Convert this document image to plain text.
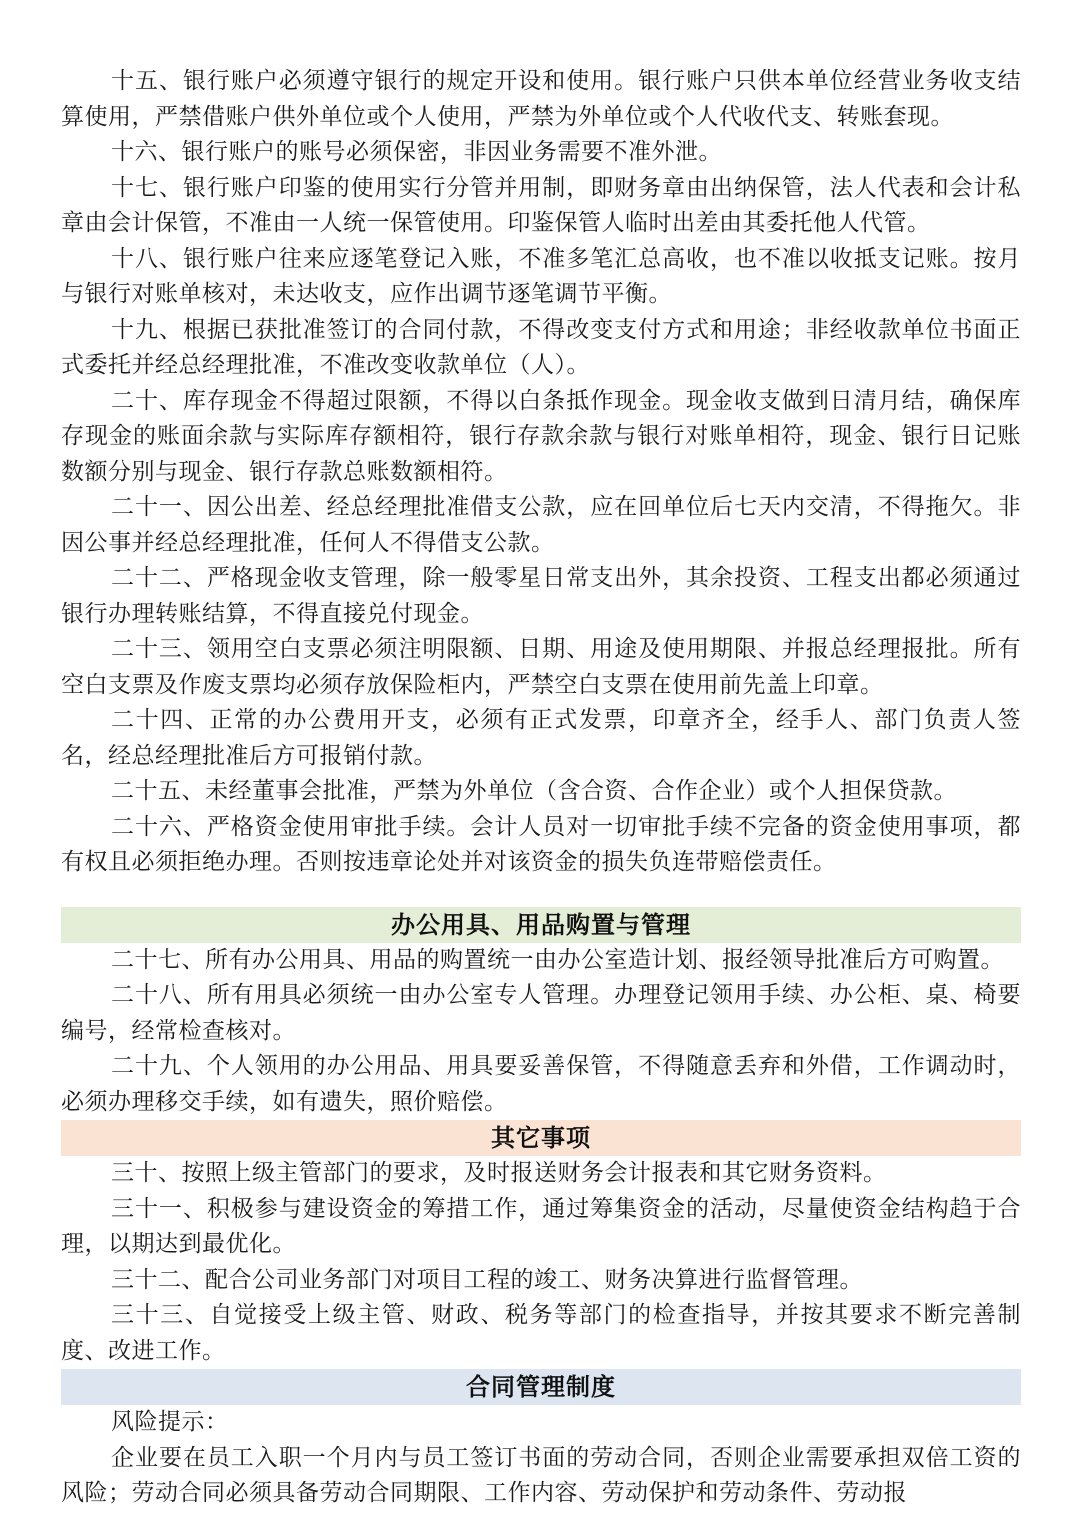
十五、银行账户必须遵守银行的规定开设和使用。银行账户只供本单位经营业务收支结算使用，严禁借账户供外单位或个人使用，严禁为外单位或个人代收代支、转账套现。

十六、银行账户的账号必须保密，非因业务需要不准外泄。

十七、银行账户印鉴的使用实行分管并用制，即财务章由出纳保管，法人代表和会计私章由会计保管，不准由一人统一保管使用。印鉴保管人临时出差由其委托他人代管。

十八、银行账户往来应逐笔登记入账，不准多笔汇总高收，也不准以收抵支记账。按月与银行对账单核对，未达收支，应作出调节逐笔调节平衡。

十九、根据已获批准签订的合同付款，不得改变支付方式和用途；非经收款单位书面正式委托并经总经理批准，不准改变收款单位（人）。

二十、库存现金不得超过限额，不得以白条抵作现金。现金收支做到日清月结，确保库存现金的账面余款与实际库存额相符，银行存款余款与银行对账单相符，现金、银行日记账数额分别与现金、银行存款总账数额相符。

二十一、因公出差、经总经理批准借支公款，应在回单位后七天内交清，不得拖欠。非因公事并经总经理批准，任何人不得借支公款。

二十二、严格现金收支管理，除一般零星日常支出外，其余投资、工程支出都必须通过银行办理转账结算，不得直接兑付现金。

二十三、领用空白支票必须注明限额、日期、用途及使用期限、并报总经理报批。所有空白支票及作废支票均必须存放保险柜内，严禁空白支票在使用前先盖上印章。

二十四、正常的办公费用开支，必须有正式发票，印章齐全，经手人、部门负责人签名，经总经理批准后方可报销付款。

二十五、未经董事会批准，严禁为外单位（含合资、合作企业）或个人担保贷款。

二十六、严格资金使用审批手续。会计人员对一切审批手续不完备的资金使用事项，都有权且必须拒绝办理。否则按违章论处并对该资金的损失负连带赔偿责任。

办公用具、用品购置与管理

二十七、所有办公用具、用品的购置统一由办公室造计划、报经领导批准后方可购置。

二十八、所有用具必须统一由办公室专人管理。办理登记领用手续、办公柜、桌、椅要编号，经常检查核对。

二十九、个人领用的办公用品、用具要妥善保管，不得随意丢弃和外借，工作调动时，必须办理移交手续，如有遗失，照价赔偿。

其它事项

三十、按照上级主管部门的要求，及时报送财务会计报表和其它财务资料。

三十一、积极参与建设资金的筹措工作，通过筹集资金的活动，尽量使资金结构趋于合理，以期达到最优化。

三十二、配合公司业务部门对项目工程的竣工、财务决算进行监督管理。

三十三、自觉接受上级主管、财政、税务等部门的检查指导，并按其要求不断完善制度、改进工作。

合同管理制度

风险提示：

企业要在员工入职一个月内与员工签订书面的劳动合同，否则企业需要承担双倍工资的风险；劳动合同必须具备劳动合同期限、工作内容、劳动保护和劳动条件、劳动报
